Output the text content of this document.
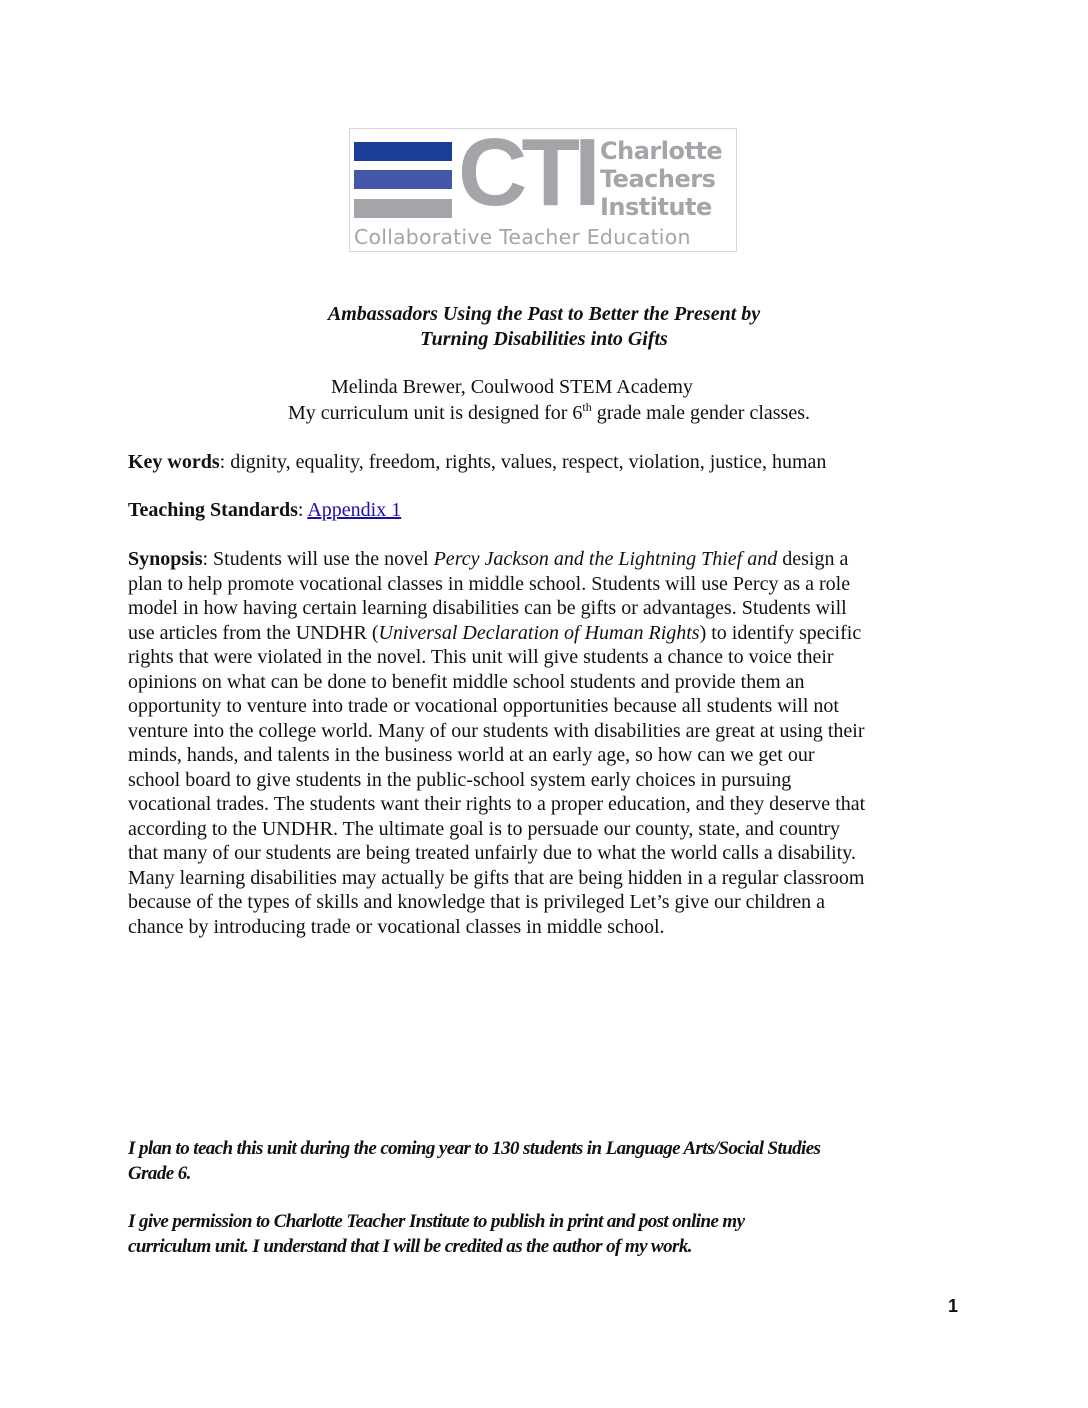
CTI Charlotte
Teachers
Institute
Collaborative Teacher Education
Ambassadors Using the Past to Better the Present by
Turning Disabilities into Gifts
Melinda Brewer, Coulwood STEM Academy
My curriculum unit is designed for 6th grade male gender classes.
Key words: dignity, equality, freedom, rights, values, respect, violation, justice, human
Teaching Standards: Appendix 1
Synopsis: Students will use the novel Percy Jackson and the Lightning Thief and design a
plan to help promote vocational classes in middle school. Students will use Percy as a role
model in how having certain learning disabilities can be gifts or advantages. Students will
use articles from the UNDHR (Universal Declaration of Human Rights) to identify specific
rights that were violated in the novel. This unit will give students a chance to voice their
opinions on what can be done to benefit middle school students and provide them an
opportunity to venture into trade or vocational opportunities because all students will not
venture into the college world. Many of our students with disabilities are great at using their
minds, hands, and talents in the business world at an early age, so how can we get our
school board to give students in the public-school system early choices in pursuing
vocational trades. The students want their rights to a proper education, and they deserve that
according to the UNDHR. The ultimate goal is to persuade our county, state, and country
that many of our students are being treated unfairly due to what the world calls a disability.
Many learning disabilities may actually be gifts that are being hidden in a regular classroom
because of the types of skills and knowledge that is privileged Let’s give our children a
chance by introducing trade or vocational classes in middle school.
I plan to teach this unit during the coming year to 130 students in Language Arts/Social Studies
Grade 6.
I give permission to Charlotte Teacher Institute to publish in print and post online my
curriculum unit. I understand that I will be credited as the author of my work.
1
